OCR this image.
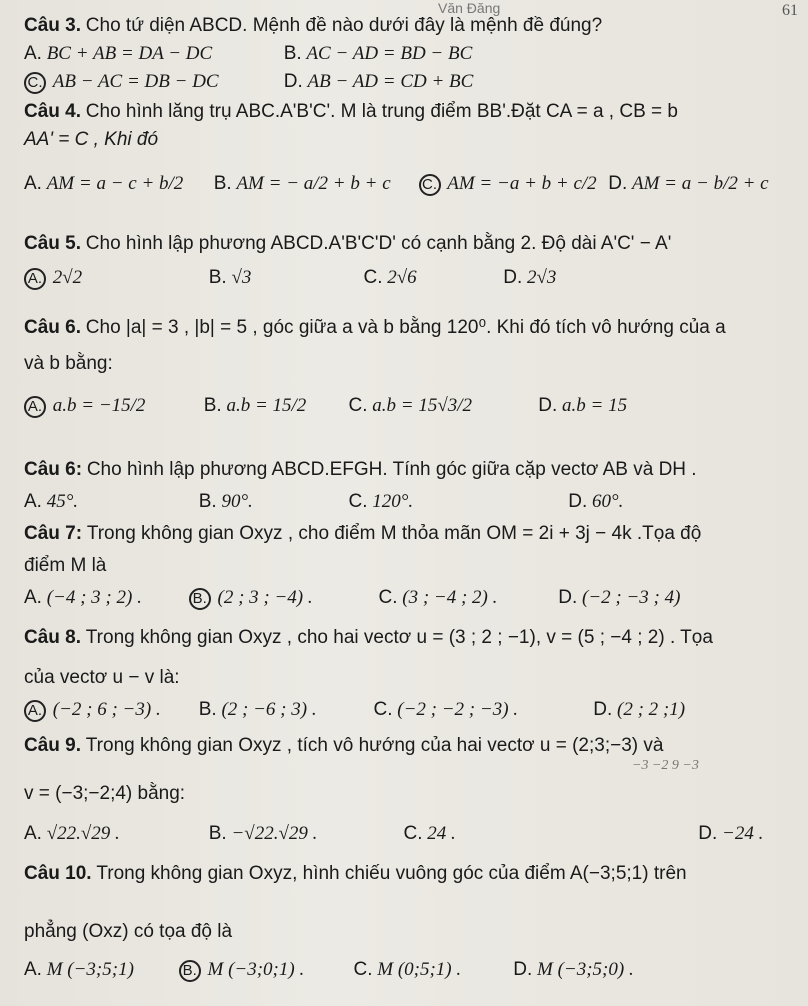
Văn Đăng	61
Câu 3. Cho tứ diện ABCD. Mệnh đề nào dưới đây là mệnh đề đúng?
A. BC + AB = DA − DC	B. AC − AD = BD − BC
C. AB − AC = DB − DC	D. AB − AD = CD + BC
Câu 4. Cho hình lăng trụ ABC.A'B'C'. M là trung điểm BB'.Đặt CA = a , CB = b
AA' = C , Khi đó
A. AM = a − c + b/2 B. AM = − a/2 + b + c C. AM = −a + b + c/2 D. AM = a − b/2 + c
Câu 5. Cho hình lập phương ABCD.A'B'C'D' có cạnh bằng 2. Độ dài A'C' − A'
A. 2√2	B. √3	C. 2√6	D. 2√3
Câu 6. Cho |a| = 3 , |b| = 5 , góc giữa a và b bằng 120⁰. Khi đó tích vô hướng của a
và b bằng:
A. a.b = −15/2	B. a.b = 15/2 C. a.b = 15√3/2	D. a.b = 15
Câu 6: Cho hình lập phương ABCD.EFGH. Tính góc giữa cặp vectơ AB và DH .
A. 45°.	B. 90°.	C. 120°.	D. 60°.
Câu 7: Trong không gian Oxyz , cho điểm M thỏa mãn OM = 2i + 3j − 4k .Tọa độ
điểm M là
A. (−4 ; 3 ; 2) .	B. (2 ; 3 ; −4) .	C. (3 ; −4 ; 2) .	D. (−2 ; −3 ; 4)
Câu 8. Trong không gian Oxyz , cho hai vectơ u = (3 ; 2 ; −1), v = (5 ; −4 ; 2) . Tọa
của vectơ u − v là:
A. (−2 ; 6 ; −3) . B. (2 ; −6 ; 3) .	C. (−2 ; −2 ; −3) .	D. (2 ; 2 ;1)
Câu 9. Trong không gian Oxyz , tích vô hướng của hai vectơ u = (2;3;−3) và
−3 −2 9 −3
v = (−3;−2;4) bằng:
A. √22.√29 .	B. −√22.√29 .	C. 24 .	D. −24 .
Câu 10. Trong không gian Oxyz, hình chiếu vuông góc của điểm A(−3;5;1) trên
phẳng (Oxz) có tọa độ là
A. M (−3;5;1)	B. M (−3;0;1) .	C. M (0;5;1) .	D. M (−3;5;0) .
